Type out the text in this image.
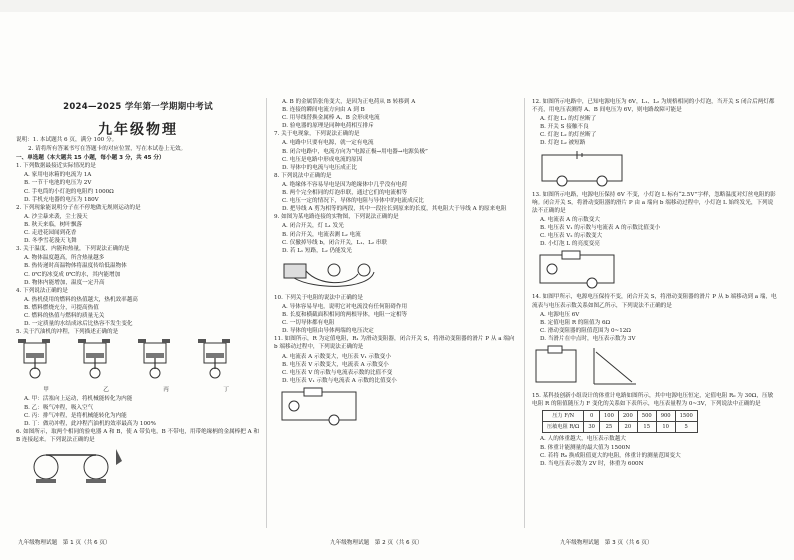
2024—2025 学年第一学期期中考试
九年级物理
说明：1. 本试题共 6 页，满分 100 分。
2. 请将所有答案书写在答题卡的对应位置，写在本试卷上无效。
一、单选题（本大题共 15 小题，每小题 3 分，共 45 分）
1. 下列数据最接近实际情况的是
A. 家用电冰箱的电流为 1A
B. 一节干电池的电压为 2V
C. 手电筒的小灯泡的电阻约 1000Ω
D. 手机充电器的电压为 180V
2. 下列现象能说明分子在不停地做无规则运动的是
A. 沙尘暴来袭，尘土漫天
B. 秋天来临，树叶飘落
C. 走进花园闻到花香
D. 冬季雪花漫天飞舞
3. 关于温度、内能和热量，下列说法正确的是
A. 物体温度越高，所含热量越多
B. 热传递时高温物体将温度传给低温物体
C. 0℃的冰变成 0℃的水，其内能增加
D. 物体内能增加，温度一定升高
4. 下列说法正确的是
A. 热机使用的燃料的热值越大，热机效率越高
B. 燃料燃烧充分，可提高热值
C. 燃料的热值与燃料的质量无关
D. 一定质量的水结成冰后比热容不发生变化
5. 关于汽油机的冲程，下列描述正确的是
甲	乙	丙	丁
A. 甲：活塞向上运动，将机械能转化为内能
B. 乙：吸气冲程，吸入空气
C. 丙：排气冲程，是将机械能转化为内能
D. 丁：做功冲程，此冲程汽油机的效率最高为 100%
6. 如图所示，取两个相同的验电器 A 和 B，使 A 带负电，B 不带电，用带绝缘柄的金属棒把 A 和 B 连接起来。下列说法正确的是
A. B 的金属箔张角变大，是因为正电荷从 B 转移到 A
B. 连接的瞬间电流方向由 A 到 B
C. 用导线替换金属棒 A、B 会形成电流
D. 验电器的原理是同种电荷相互排斥
7. 关于电现象，下列说法正确的是
A. 电路中只要有电源，就一定有电流
B. 闭合电路中，电流方向为“电源正极→用电器→电源负极”
C. 电压是电路中形成电流的原因
D. 导体中的电流与电压成正比
8. 下列说法中正确的是
A. 绝缘体不容易导电是因为绝缘体中几乎没有电荷
B. 两个完全相同的灯泡串联，通过它们的电流相等
C. 电压一定的情况下，导体的电阻与导体中的电流成反比
D. 把导线 A 剪为相等的两段，其中一段拉长到原来的长度，其电阻大于导线 A 的原来电阻
9. 如图为某电路连接的实物图，下列说法正确的是
A. 闭合开关，灯 L₁ 发光
B. 闭合开关，电流表测 L₂ 电流
C. 仅撤掉导线 b，闭合开关，L₁、L₂ 串联
D. 若 L₁ 短路，L₂ 仍能发光
10. 下列关于电阻的说法中正确的是
A. 导体容易导电，说明它对电流没有任何阻碍作用
B. 长度和横截面积相同的两根导体，电阻一定相等
C. 一切导体都有电阻
D. 导体的电阻由导体两端的电压决定
11. 如图所示，R 为定值电阻，R₁ 为滑动变阻器，闭合开关 S，将滑动变阻器的滑片 P 从 a 端向 b 端移动过程中，下列说法正确的是
A. 电流表 A 示数变大，电压表 V₁ 示数变小
B. 电压表 V 示数变大，电流表 A 示数变小
C. 电压表 V 的示数与电流表示数的比值不变
D. 电压表 V₁ 示数与电流表 A 示数的比值变小
12. 如图所示电路中，已知电源电压为 6V，L₁、L₂ 为规格相同的小灯泡，当开关 S 闭合后两灯都不亮，用电压表测得 A、B 间电压为 6V，则电路故障可能是
A. 灯泡 L₁ 的灯丝断了
B. 开关 S 接触不良
C. 灯泡 L₂ 的灯丝断了
D. 灯泡 L₂ 被短路
13. 如图所示电路，电源电压保持 6V 不变，小灯泡 L 标有“2.5V”字样，忽略温度对灯丝电阻的影响。闭合开关 S，将滑动变阻器的滑片 P 由 a 端向 b 端移动过程中，小灯泡 L 始终发光，下列说法不正确的是
A. 电流表 A 的示数变大
B. 电压表 V₁ 的示数与电流表 A 的示数比值变小
C. 电压表 V₂ 的示数变大
D. 小灯泡 L 的亮度变亮
14. 如图甲所示，电源电压保持不变，闭合开关 S，将滑动变阻器的滑片 P 从 b 端移动到 a 端，电流表与电压表示数关系如图乙所示，下列说法不正确的是
A. 电源电压 6V
B. 定值电阻 R 的阻值为 6Ω
C. 滑动变阻器的阻值范围为 0~12Ω
D. 当滑片在中点时，电压表示数为 3V
15. 某科技创新小组设计的体重计电路如图所示，其中电源电压恒定，定值电阻 R₀ 为 30Ω，压敏电阻 R 的阻值随压力 F 变化的关系如下表所示，电压表量程为 0~3V，下列说法中正确的是
压力 F/N	0	100	200	500	900	1500
压敏电阻 R/Ω	30	25	20	15	10	5
A. 人的体重越大，电压表示数越大
B. 体重计能测量的最大值为 1500N
C. 若将 R₀ 换成阻值更大的电阻，体重计的测量范围变大
D. 当电压表示数为 2V 时，体重为 600N
九年级物理试题　第 1 页（共 6 页）	九年级物理试题　第 2 页（共 6 页）	九年级物理试题　第 3 页（共 6 页）
